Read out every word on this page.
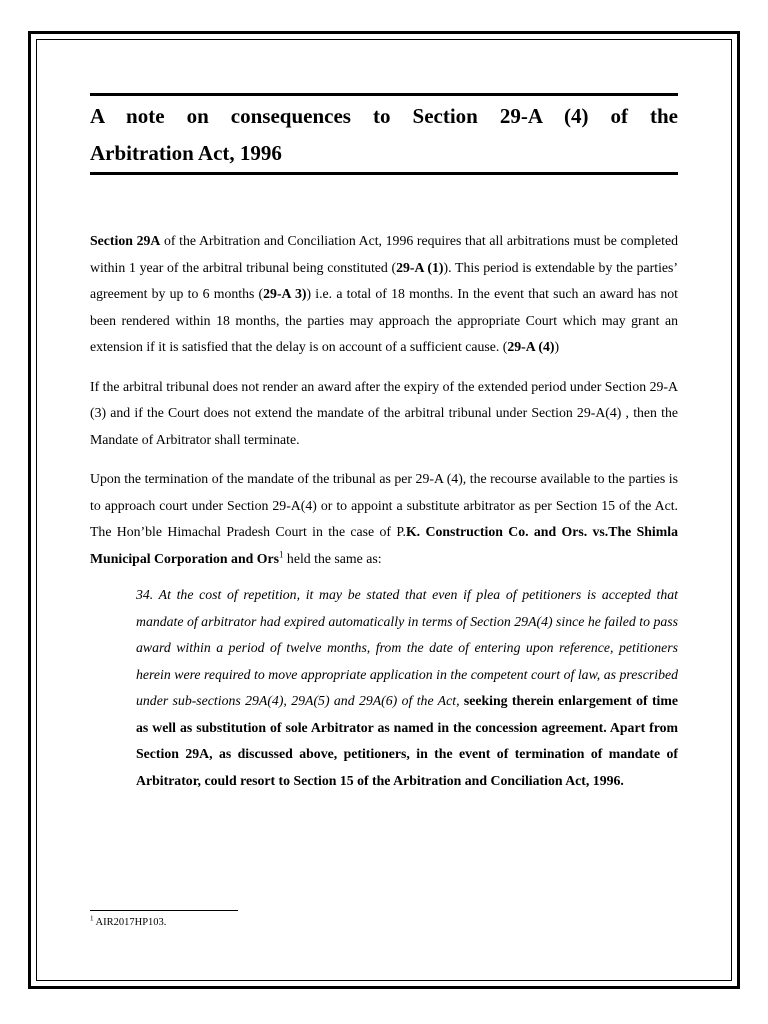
A note on consequences to Section 29-A (4) of the
Arbitration Act, 1996

Section 29A of the Arbitration and Conciliation Act, 1996 requires that all arbitrations must be completed within 1 year of the arbitral tribunal being constituted (29-A (1)). This period is extendable by the parties’ agreement by up to 6 months (29-A 3)) i.e. a total of 18 months. In the event that such an award has not been rendered within 18 months, the parties may approach the appropriate Court which may grant an extension if it is satisfied that the delay is on account of a sufficient cause. (29-A (4))

If the arbitral tribunal does not render an award after the expiry of the extended period under Section 29-A (3) and if the Court does not extend the mandate of the arbitral tribunal under Section 29-A(4) , then the Mandate of Arbitrator shall terminate.

Upon the termination of the mandate of the tribunal as per 29-A (4), the recourse available to the parties is to approach court under Section 29-A(4) or to appoint a substitute arbitrator as per Section 15 of the Act. The Hon’ble Himachal Pradesh Court in the case of P.K. Construction Co. and Ors. vs.The Shimla Municipal Corporation and Ors$^1$ held the same as:

34. At the cost of repetition, it may be stated that even if plea of petitioners is accepted that mandate of arbitrator had expired automatically in terms of Section 29A(4) since he failed to pass award within a period of twelve months, from the date of entering upon reference, petitioners herein were required to move appropriate application in the competent court of law, as prescribed under sub-sections 29A(4), 29A(5) and 29A(6) of the Act, seeking therein enlargement of time as well as substitution of sole Arbitrator as named in the concession agreement. Apart from Section 29A, as discussed above, petitioners, in the event of termination of mandate of Arbitrator, could resort to Section 15 of the Arbitration and Conciliation Act, 1996.

$^1$ AIR2017HP103.
